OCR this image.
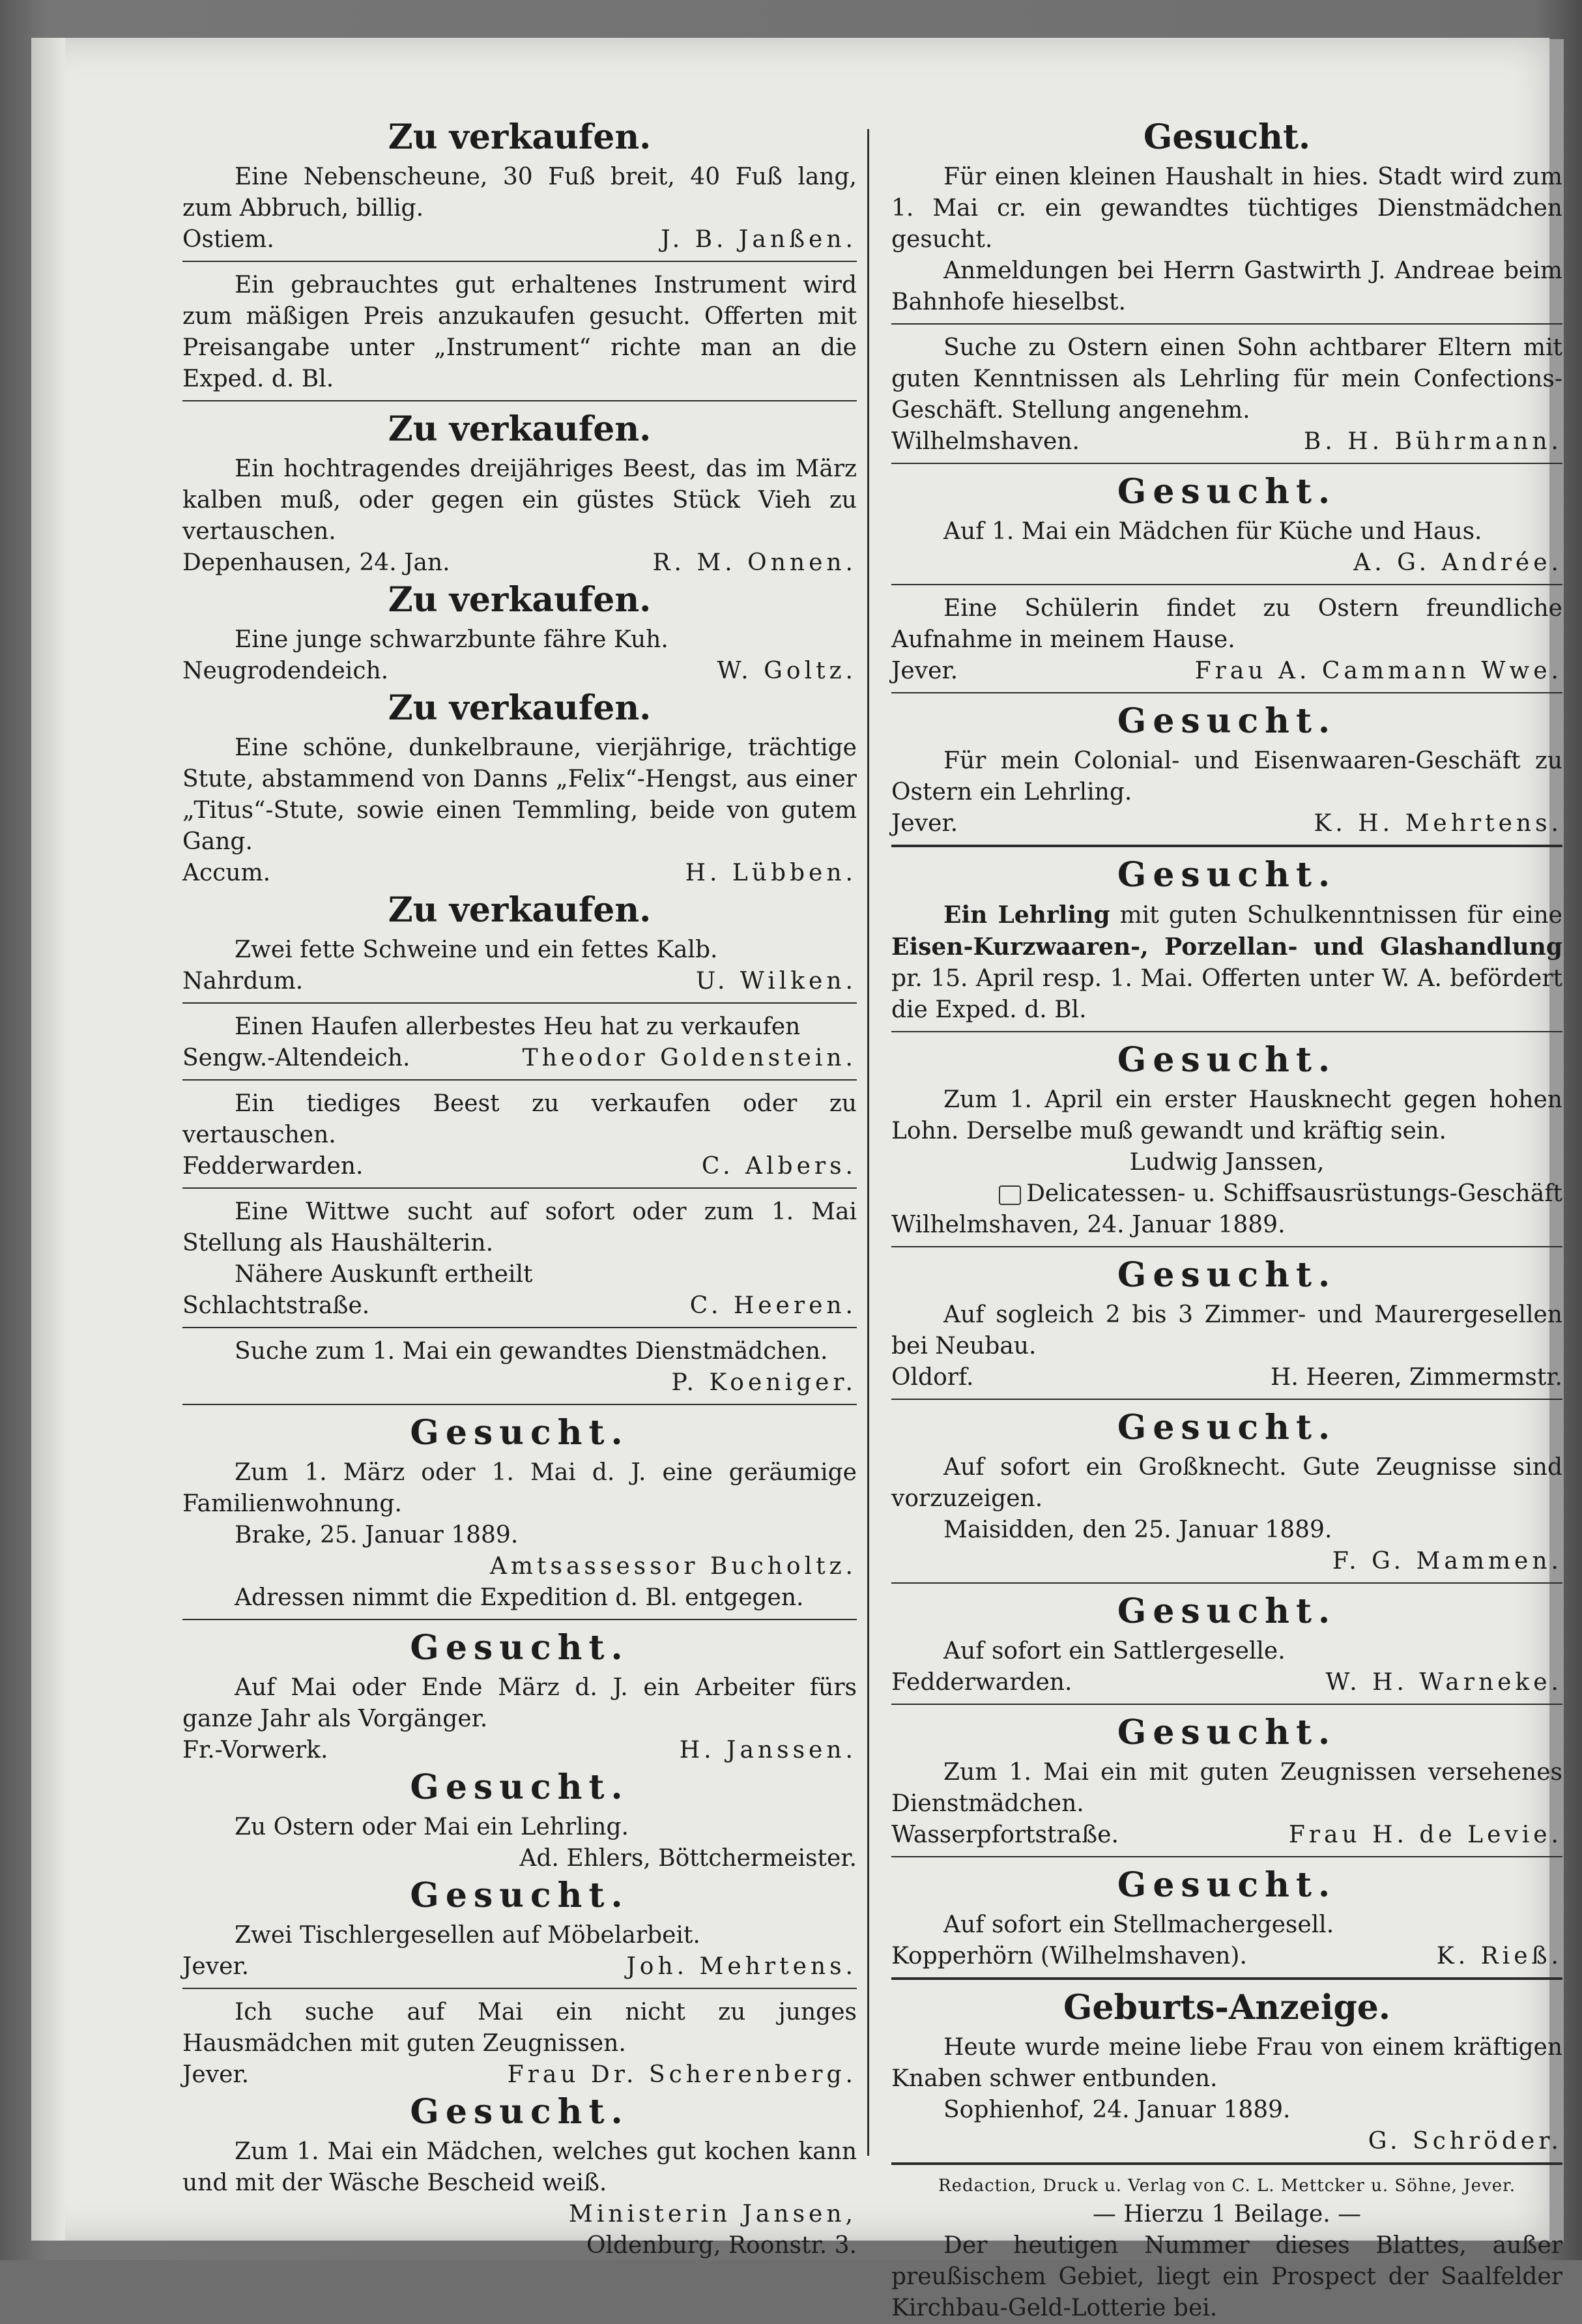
Zu verkaufen.
Eine Nebenscheune, 30 Fuß breit, 40 Fuß lang, zum Abbruch, billig.
Ostiem.	J. B. Janßen.
Ein gebrauchtes gut erhaltenes Instrument wird zum mäßigen Preis anzukaufen gesucht. Offerten mit Preisangabe unter „Instrument“ richte man an die Exped. d. Bl.
Zu verkaufen.
Ein hochtragendes dreijähriges Beest, das im März kalben muß, oder gegen ein güstes Stück Vieh zu vertauschen.
Depenhausen, 24. Jan.	R. M. Onnen.
Zu verkaufen.
Eine junge schwarzbunte fähre Kuh.
Neugrodendeich.	W. Goltz.
Zu verkaufen.
Eine schöne, dunkelbraune, vierjährige, trächtige Stute, abstammend von Danns „Felix“-Hengst, aus einer „Titus“-Stute, sowie einen Temmling, beide von gutem Gang.
Accum.	H. Lübben.
Zu verkaufen.
Zwei fette Schweine und ein fettes Kalb.
Nahrdum.	U. Wilken.
Einen Haufen allerbestes Heu hat zu verkaufen
Sengw.-Altendeich.	Theodor Goldenstein.
Ein tiediges Beest zu verkaufen oder zu vertauschen.
Fedderwarden.	C. Albers.
Eine Wittwe sucht auf sofort oder zum 1. Mai Stellung als Haushälterin.
Nähere Auskunft ertheilt
Schlachtstraße.	C. Heeren.
Suche zum 1. Mai ein gewandtes Dienstmädchen.
P. Koeniger.
Gesucht.
Zum 1. März oder 1. Mai d. J. eine geräumige Familienwohnung.
Brake, 25. Januar 1889.
Amtsassessor Bucholtz.
Adressen nimmt die Expedition d. Bl. entgegen.
Gesucht.
Auf Mai oder Ende März d. J. ein Arbeiter fürs ganze Jahr als Vorgänger.
Fr.-Vorwerk.	H. Janssen.
Gesucht.
Zu Ostern oder Mai ein Lehrling.
Ad. Ehlers, Böttchermeister.
Gesucht.
Zwei Tischlergesellen auf Möbelarbeit.
Jever.	Joh. Mehrtens.
Ich suche auf Mai ein nicht zu junges Hausmädchen mit guten Zeugnissen.
Jever.	Frau Dr. Scherenberg.
Gesucht.
Zum 1. Mai ein Mädchen, welches gut kochen kann und mit der Wäsche Bescheid weiß.
Ministerin Jansen,
Oldenburg, Roonstr. 3.
Gesucht.
Für einen kleinen Haushalt in hies. Stadt wird zum 1. Mai cr. ein gewandtes tüchtiges Dienstmädchen gesucht.
Anmeldungen bei Herrn Gastwirth J. Andreae beim Bahnhofe hieselbst.
Suche zu Ostern einen Sohn achtbarer Eltern mit guten Kenntnissen als Lehrling für mein Confections-Geschäft. Stellung angenehm.
Wilhelmshaven.	B. H. Bührmann.
Gesucht.
Auf 1. Mai ein Mädchen für Küche und Haus.
A. G. Andrée.
Eine Schülerin findet zu Ostern freundliche Aufnahme in meinem Hause.
Jever.	Frau A. Cammann Wwe.
Gesucht.
Für mein Colonial- und Eisenwaaren-Geschäft zu Ostern ein Lehrling.
Jever.	K. H. Mehrtens.
Gesucht.
Ein Lehrling mit guten Schulkenntnissen für eine Eisen-Kurzwaaren-, Porzellan- und Glashandlung pr. 15. April resp. 1. Mai. Offerten unter W. A. befördert die Exped. d. Bl.
Gesucht.
Zum 1. April ein erster Hausknecht gegen hohen Lohn. Derselbe muß gewandt und kräftig sein.
Ludwig Janssen,
Delicatessen- u. Schiffsausrüstungs-Geschäft
Wilhelmshaven, 24. Januar 1889.
Gesucht.
Auf sogleich 2 bis 3 Zimmer- und Maurergesellen bei Neubau.
Oldorf.	H. Heeren, Zimmermstr.
Gesucht.
Auf sofort ein Großknecht. Gute Zeugnisse sind vorzuzeigen.
Maisidden, den 25. Januar 1889.
F. G. Mammen.
Gesucht.
Auf sofort ein Sattlergeselle.
Fedderwarden.	W. H. Warneke.
Gesucht.
Zum 1. Mai ein mit guten Zeugnissen versehenes Dienstmädchen.
Wasserpfortstraße.	Frau H. de Levie.
Gesucht.
Auf sofort ein Stellmachergesell.
Kopperhörn (Wilhelmshaven).	K. Rieß.
Geburts-Anzeige.
Heute wurde meine liebe Frau von einem kräftigen Knaben schwer entbunden.
Sophienhof, 24. Januar 1889.
G. Schröder.
Redaction, Druck u. Verlag von C. L. Mettcker u. Söhne, Jever.
— Hierzu 1 Beilage. —
Der heutigen Nummer dieses Blattes, außer preußischem Gebiet, liegt ein Prospect der Saalfelder Kirchbau-Geld-Lotterie bei.
